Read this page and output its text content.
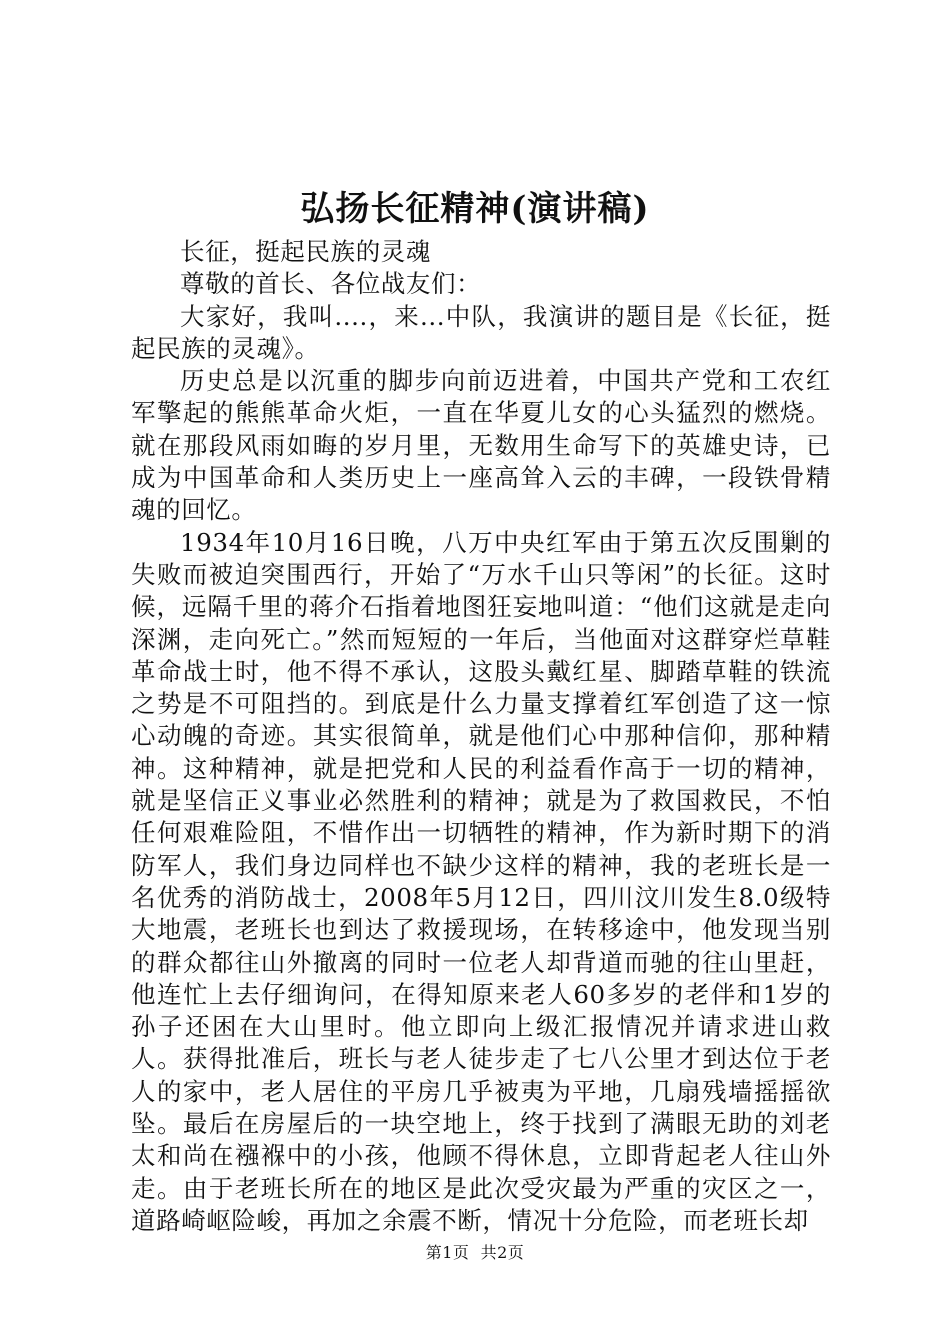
弘扬长征精神(演讲稿)

长征，挺起民族的灵魂

尊敬的首长、各位战友们：

大家好，我叫....，来...中队，我演讲的题目是《长征，挺起民族的灵魂》。

历史总是以沉重的脚步向前迈进着，中国共产党和工农红军擎起的熊熊革命火炬，一直在华夏儿女的心头猛烈的燃烧。就在那段风雨如晦的岁月里，无数用生命写下的英雄史诗，已成为中国革命和人类历史上一座高耸入云的丰碑，一段铁骨精魂的回忆。

1934年10月16日晚，八万中央红军由于第五次反围剿的失败而被迫突围西行，开始了“万水千山只等闲”的长征。这时候，远隔千里的蒋介石指着地图狂妄地叫道：“他们这就是走向深渊，走向死亡。”然而短短的一年后，当他面对这群穿烂草鞋革命战士时，他不得不承认，这股头戴红星、脚踏草鞋的铁流之势是不可阻挡的。到底是什么力量支撑着红军创造了这一惊心动魄的奇迹。其实很简单，就是他们心中那种信仰，那种精神。这种精神，就是把党和人民的利益看作高于一切的精神，就是坚信正义事业必然胜利的精神；就是为了救国救民，不怕任何艰难险阻，不惜作出一切牺牲的精神，作为新时期下的消防军人，我们身边同样也不缺少这样的精神，我的老班长是一名优秀的消防战士，2008年5月12日，四川汶川发生8.0级特大地震，老班长也到达了救援现场，在转移途中，他发现当别的群众都往山外撤离的同时一位老人却背道而驰的往山里赶，他连忙上去仔细询问，在得知原来老人60多岁的老伴和1岁的孙子还困在大山里时。他立即向上级汇报情况并请求进山救人。获得批准后，班长与老人徒步走了七八公里才到达位于老人的家中，老人居住的平房几乎被夷为平地，几扇残墙摇摇欲坠。最后在房屋后的一块空地上，终于找到了满眼无助的刘老太和尚在襁褓中的小孩，他顾不得休息，立即背起老人往山外走。由于老班长所在的地区是此次受灾最为严重的灾区之一，道路崎岖险峻，再加之余震不断，情况十分危险，而老班长却

第1页 共2页
